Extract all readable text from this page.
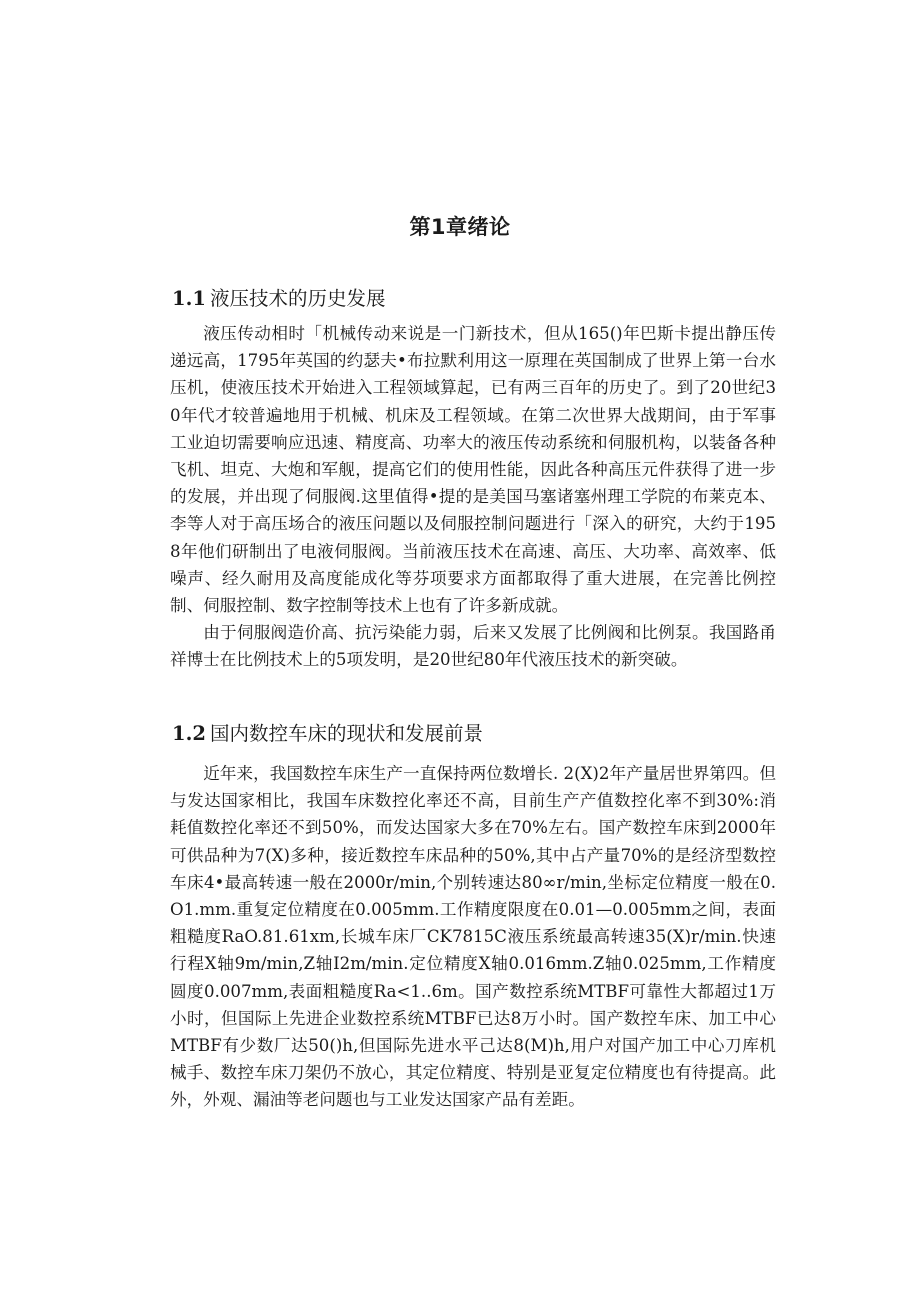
第1章绪论
1.1 液压技术的历史发展

液压传动相时「机械传动来说是一门新技术，但从165()年巴斯卡提出静压传递远高，1795年英国的约瑟夫•布拉默利用这一原理在英国制成了世界上第一台水压机，使液压技术开始进入工程领域算起，已有两三百年的历史了。到了20世纪30年代才较普遍地用于机械、机床及工程领域。在第二次世界大战期间，由于军事工业迫切需要响应迅速、精度高、功率大的液压传动系统和伺服机构，以装备各种飞机、坦克、大炮和军舰，提高它们的使用性能，因此各种高压元件获得了进一步的发展，并出现了伺服阀.这里值得•提的是美国马塞诸塞州理工学院的布莱克本、李等人对于高压场合的液压问题以及伺服控制问题进行「深入的研究，大约于1958年他们研制出了电液伺服阀。当前液压技术在高速、高压、大功率、高效率、低噪声、经久耐用及高度能成化等芬项要求方面都取得了重大进展，在完善比例控制、伺服控制、数字控制等技术上也有了许多新成就。

由于伺服阀造价高、抗污染能力弱，后来又发展了比例阀和比例泵。我国路甬祥博士在比例技术上的5项发明，是20世纪80年代液压技术的新突破。

1.2 国内数控车床的现状和发展前景

近年来，我国数控车床生产一直保持两位数增长. 2(X)2年产量居世界第四。但与发达国家相比，我国车床数控化率还不高，目前生产产值数控化率不到30%:消耗值数控化率还不到50%，而发达国家大多在70%左右。国产数控车床到2000年可供品种为7(X)多种，接近数控车床品种的50%,其中占产量70%的是经济型数控车床4•最高转速一般在2000r/min,个别转速达80∞r/min,坐标定位精度一般在0.O1.mm.重复定位精度在0.005mm.工作精度限度在0.01—0.005mm之间，表面粗糙度RaO.81.61xm,长城车床厂CK7815C液压系统最高转速35(X)r/min.快速行程X轴9m/min,Z轴I2m/min.定位精度X轴0.016mm.Z轴0.025mm,工作精度圆度0.007mm,表面粗糙度Ra<1..6m。国产数控系统MTBF可靠性大都超过1万小时，但国际上先进企业数控系统MTBF已达8万小时。国产数控车床、加工中心MTBF有少数厂达50()h,但国际先进水平己达8(M)h,用户对国产加工中心刀库机械手、数控车床刀架仍不放心，其定位精度、特别是亚复定位精度也有待提高。此外，外观、漏油等老问题也与工业发达国家产品有差距。
